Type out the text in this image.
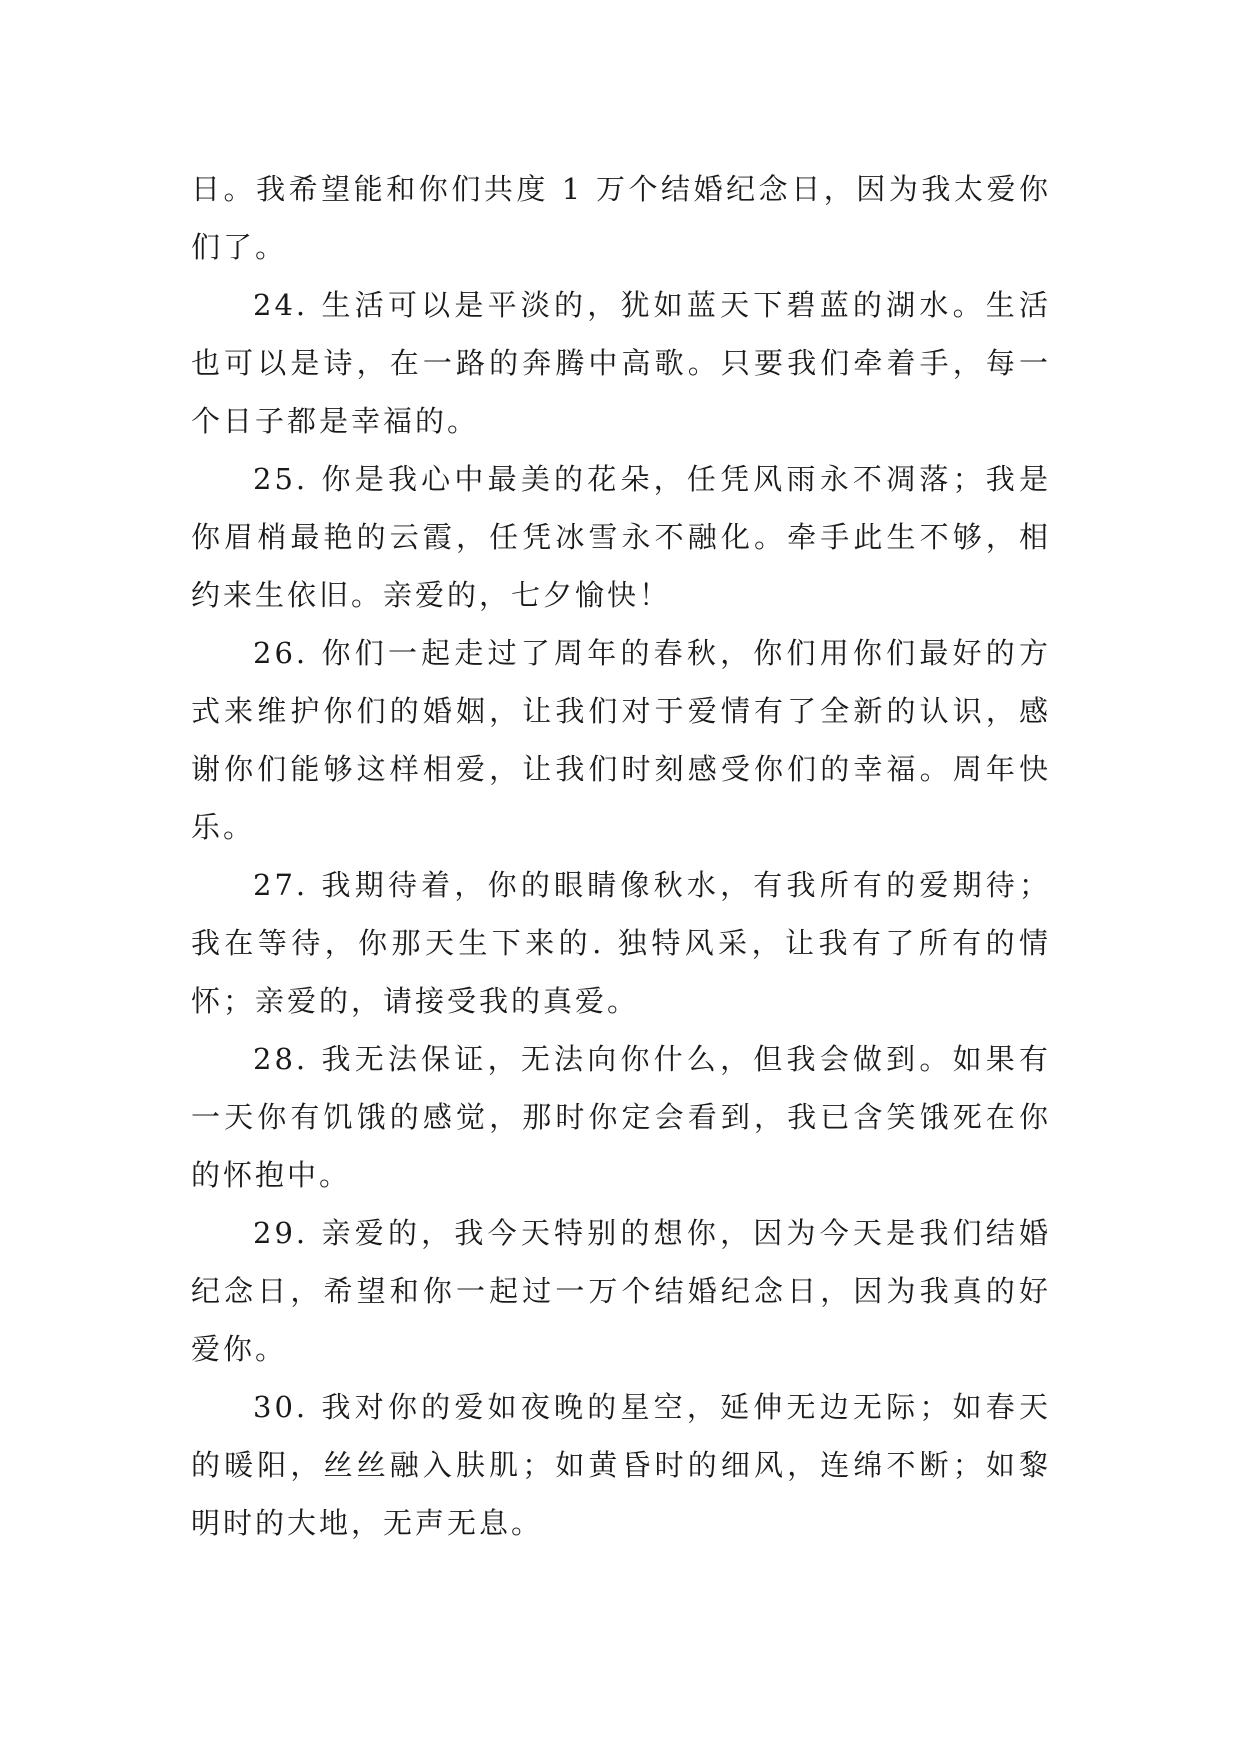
日。我希望能和你们共度 1 万个结婚纪念日，因为我太爱你们了。

24. 生活可以是平淡的，犹如蓝天下碧蓝的湖水。生活也可以是诗，在一路的奔腾中高歌。只要我们牵着手，每一个日子都是幸福的。

25. 你是我心中最美的花朵，任凭风雨永不凋落；我是你眉梢最艳的云霞，任凭冰雪永不融化。牵手此生不够，相约来生依旧。亲爱的，七夕愉快！

26. 你们一起走过了周年的春秋，你们用你们最好的方式来维护你们的婚姻，让我们对于爱情有了全新的认识，感谢你们能够这样相爱，让我们时刻感受你们的幸福。周年快乐。

27. 我期待着，你的眼睛像秋水，有我所有的爱期待；我在等待，你那天生下来的. 独特风采，让我有了所有的情怀；亲爱的，请接受我的真爱。

28. 我无法保证，无法向你什么，但我会做到。如果有一天你有饥饿的感觉，那时你定会看到，我已含笑饿死在你的怀抱中。

29. 亲爱的，我今天特别的想你，因为今天是我们结婚纪念日，希望和你一起过一万个结婚纪念日，因为我真的好爱你。

30. 我对你的爱如夜晚的星空，延伸无边无际；如春天的暖阳，丝丝融入肤肌；如黄昏时的细风，连绵不断；如黎明时的大地，无声无息。
